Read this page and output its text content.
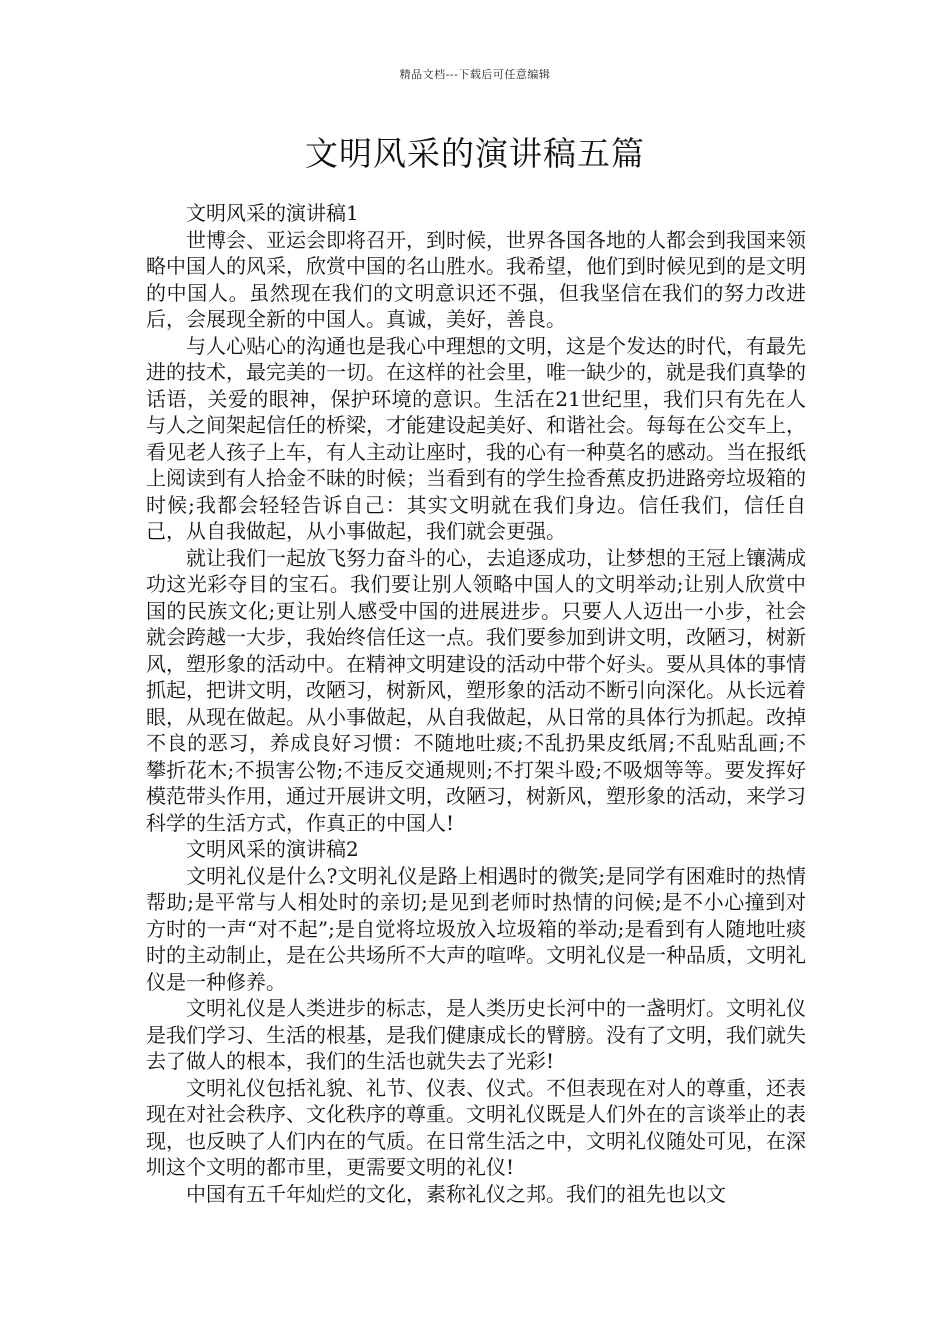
精品文档---下载后可任意编辑
文明风采的演讲稿五篇

文明风采的演讲稿1

世博会、亚运会即将召开，到时候，世界各国各地的人都会到我国来领略中国人的风采，欣赏中国的名山胜水。我希望，他们到时候见到的是文明的中国人。虽然现在我们的文明意识还不强，但我坚信在我们的努力改进后，会展现全新的中国人。真诚，美好，善良。

与人心贴心的沟通也是我心中理想的文明，这是个发达的时代，有最先进的技术，最完美的一切。在这样的社会里，唯一缺少的，就是我们真挚的话语，关爱的眼神，保护环境的意识。生活在21世纪里，我们只有先在人与人之间架起信任的桥梁，才能建设起美好、和谐社会。每每在公交车上，看见老人孩子上车，有人主动让座时，我的心有一种莫名的感动。当在报纸上阅读到有人拾金不昧的时候；当看到有的学生捡香蕉皮扔进路旁垃圾箱的时候;我都会轻轻告诉自己：其实文明就在我们身边。信任我们，信任自己，从自我做起，从小事做起，我们就会更强。

就让我们一起放飞努力奋斗的心，去追逐成功，让梦想的王冠上镶满成功这光彩夺目的宝石。我们要让别人领略中国人的文明举动;让别人欣赏中国的民族文化;更让别人感受中国的进展进步。只要人人迈出一小步，社会就会跨越一大步，我始终信任这一点。我们要参加到讲文明，改陋习，树新风，塑形象的活动中。在精神文明建设的活动中带个好头。要从具体的事情抓起，把讲文明，改陋习，树新风，塑形象的活动不断引向深化。从长远着眼，从现在做起。从小事做起，从自我做起，从日常的具体行为抓起。改掉不良的恶习，养成良好习惯：不随地吐痰;不乱扔果皮纸屑;不乱贴乱画;不攀折花木;不损害公物;不违反交通规则;不打架斗殴;不吸烟等等。要发挥好模范带头作用，通过开展讲文明，改陋习，树新风，塑形象的活动，来学习科学的生活方式，作真正的中国人!

文明风采的演讲稿2

文明礼仪是什么?文明礼仪是路上相遇时的微笑;是同学有困难时的热情帮助;是平常与人相处时的亲切;是见到老师时热情的问候;是不小心撞到对方时的一声“对不起”;是自觉将垃圾放入垃圾箱的举动;是看到有人随地吐痰时的主动制止，是在公共场所不大声的喧哗。文明礼仪是一种品质，文明礼仪是一种修养。

文明礼仪是人类进步的标志，是人类历史长河中的一盏明灯。文明礼仪是我们学习、生活的根基，是我们健康成长的臂膀。没有了文明，我们就失去了做人的根本，我们的生活也就失去了光彩!

文明礼仪包括礼貌、礼节、仪表、仪式。不但表现在对人的尊重，还表现在对社会秩序、文化秩序的尊重。文明礼仪既是人们外在的言谈举止的表现，也反映了人们内在的气质。在日常生活之中，文明礼仪随处可见，在深圳这个文明的都市里，更需要文明的礼仪!

中国有五千年灿烂的文化，素称礼仪之邦。我们的祖先也以文
